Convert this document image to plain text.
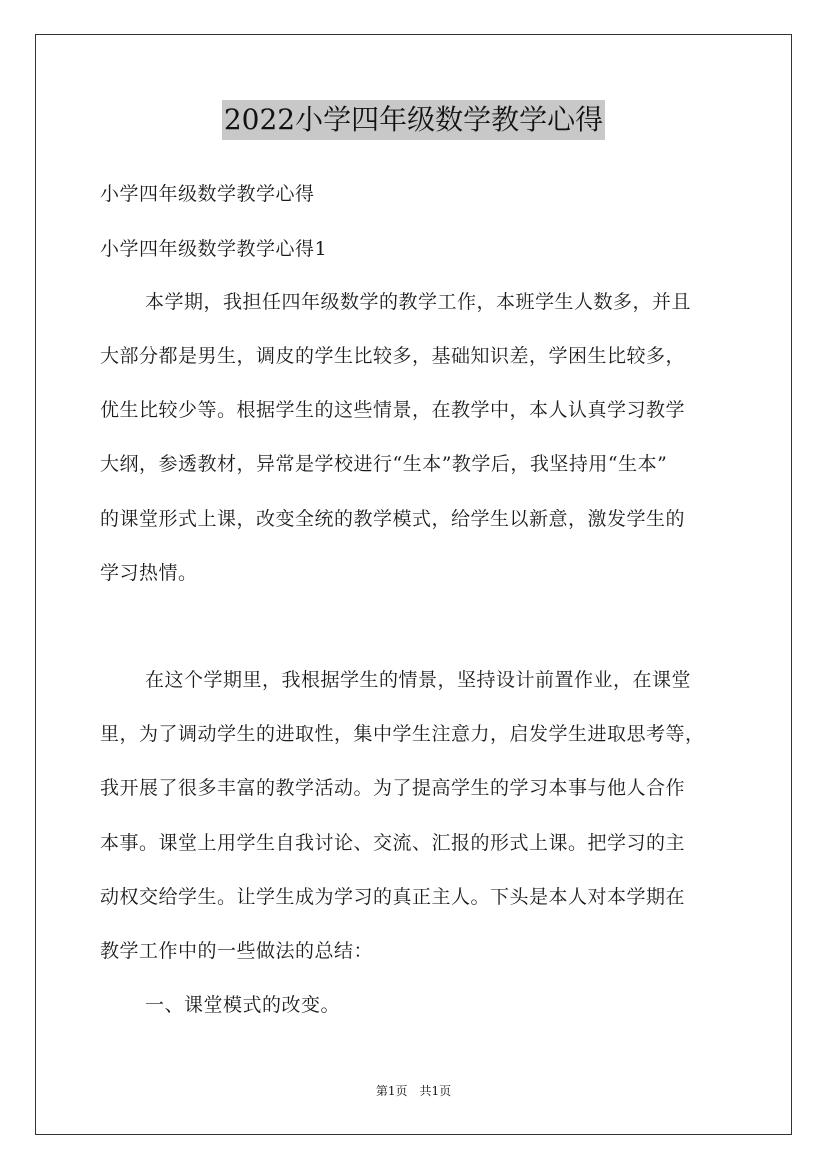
2022小学四年级数学教学心得
小学四年级数学教学心得
小学四年级数学教学心得1
本学期，我担任四年级数学的教学工作，本班学生人数多，并且
大部分都是男生，调皮的学生比较多，基础知识差，学困生比较多，
优生比较少等。根据学生的这些情景，在教学中，本人认真学习教学
大纲，参透教材，异常是学校进行“生本”教学后，我坚持用“生本”
的课堂形式上课，改变全统的教学模式，给学生以新意，激发学生的
学习热情。
在这个学期里，我根据学生的情景，坚持设计前置作业，在课堂
里，为了调动学生的进取性，集中学生注意力，启发学生进取思考等，
我开展了很多丰富的教学活动。为了提高学生的学习本事与他人合作
本事。课堂上用学生自我讨论、交流、汇报的形式上课。把学习的主
动权交给学生。让学生成为学习的真正主人。下头是本人对本学期在
教学工作中的一些做法的总结：
一、课堂模式的改变。
第1页　共1页
